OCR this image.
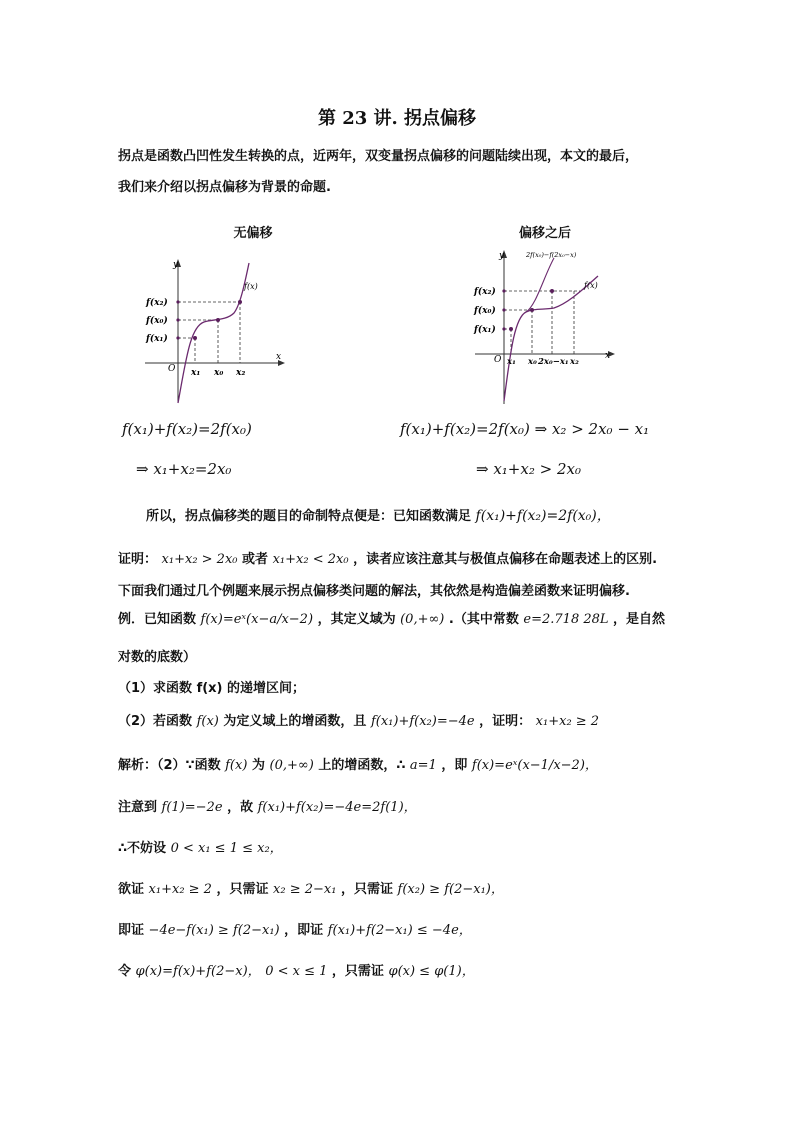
第 23 讲. 拐点偏移
拐点是函数凸凹性发生转换的点，近两年，双变量拐点偏移的问题陆续出现，本文的最后，
我们来介绍以拐点偏移为背景的命题.
无偏移	偏移之后
y
x
O
f(x)
f(x₂)
f(x₀)
f(x₁)
x₁ x₀ x₂
y
x
O
2f(x₀)−f(2x₀−x)
f(x)
f(x₂)
f(x₀)
f(x₁)
x₁ x₀ 2x₀−x₁ x₂
f(x₁)+f(x₂)=2f(x₀)
⇒ x₁+x₂=2x₀
f(x₁)+f(x₂)=2f(x₀) ⇒ x₂ > 2x₀ − x₁
⇒ x₁+x₂ > 2x₀
所以，拐点偏移类的题目的命制特点便是：已知函数满足 f(x₁)+f(x₂)=2f(x₀)，
证明： x₁+x₂ > 2x₀ 或者 x₁+x₂ < 2x₀ ，读者应该注意其与极值点偏移在命题表述上的区别.
下面我们通过几个例题来展示拐点偏移类问题的解法，其依然是构造偏差函数来证明偏移.
例．已知函数 f(x)=eˣ(x−a/x−2) ，其定义域为 (0,+∞) .（其中常数 e=2.718 28L ，是自然
对数的底数）
（1）求函数 f(x) 的递增区间；
（2）若函数 f(x) 为定义域上的增函数，且 f(x₁)+f(x₂)=−4e ，证明： x₁+x₂ ≥ 2
解析：（2）∵函数 f(x) 为 (0,+∞) 上的增函数，∴ a=1 ，即 f(x)=eˣ(x−1/x−2)，
注意到 f(1)=−2e ，故 f(x₁)+f(x₂)=−4e=2f(1)，
∴不妨设 0 < x₁ ≤ 1 ≤ x₂，
欲证 x₁+x₂ ≥ 2 ，只需证 x₂ ≥ 2−x₁ ，只需证 f(x₂) ≥ f(2−x₁)，
即证 −4e−f(x₁) ≥ f(2−x₁) ，即证 f(x₁)+f(2−x₁) ≤ −4e，
令 φ(x)=f(x)+f(2−x)， 0 < x ≤ 1 ，只需证 φ(x) ≤ φ(1)，
